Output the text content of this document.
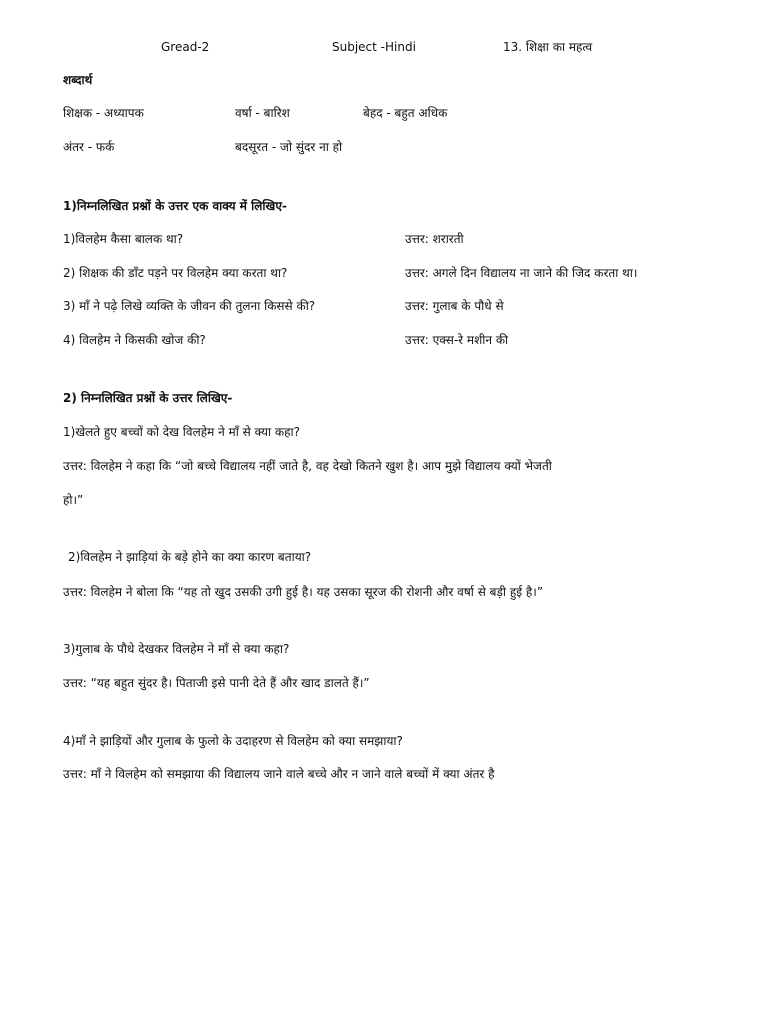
Gread-2	Subject -Hindi	13. शिक्षा का महत्व
शब्दार्थ
शिक्षक - अध्यापक	वर्षा - बारिश	बेहद - बहुत अधिक
अंतर - फर्क	बदसूरत - जो सुंदर ना हो
1)निम्नलिखित प्रश्नों के उत्तर एक वाक्य में लिखिए-
1)विलहेम कैसा बालक था?	उत्तर: शरारती
2) शिक्षक की डाँट पड़ने पर विलहेम क्या करता था?	उत्तर: अगले दिन विद्यालय ना जाने की जिद करता था।
3) माँ ने पढ़े लिखे व्यक्ति के जीवन की तुलना किससे की?	उत्तर: गुलाब के पौधे से
4) विलहेम ने किसकी खोज की?	उत्तर: एक्स-रे मशीन की
2) निम्नलिखित प्रश्नों के उत्तर लिखिए-
1)खेलते हुए बच्चों को देख विलहेम ने माँ से क्या कहा?
उत्तर: विलहेम ने कहा कि “जो बच्चे विद्यालय नहीं जाते है, वह देखो कितने खुश है। आप मुझे विद्यालय क्यों भेजती
हो।”
2)विलहेम ने झाड़ियां के बड़े होने का क्या कारण बताया?
उत्तर: विलहेम ने बोला कि “यह तो खुद उसकी उगी हुई है। यह उसका सूरज की रोशनी और वर्षा से बड़ी हुई है।”
3)गुलाब के पौधे देखकर विलहेम ने माँ से क्या कहा?
उत्तर: “यह बहुत सुंदर है। पिताजी इसे पानी देते हैं और खाद डालते हैं।”
4)माँ ने झाड़ियों और गुलाब के फुलो के उदाहरण से विलहेम को क्या समझाया?
उत्तर: माँ ने विलहेम को समझाया की विद्यालय जाने वाले बच्चे और न जाने वाले बच्चों में क्या अंतर है
